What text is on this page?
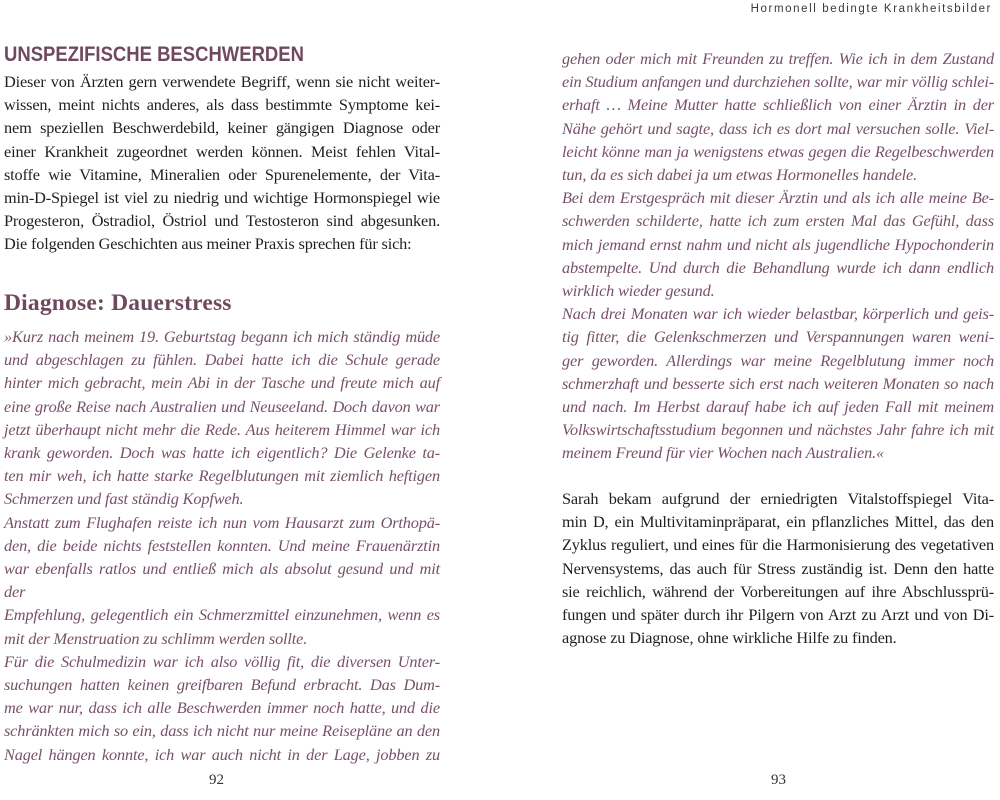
Hormonell bedingte Krankheitsbilder
UNSPEZIFISCHE BESCHWERDEN

Dieser von Ärzten gern verwendete Begriff, wenn sie nicht weiter-

wissen, meint nichts anderes, als dass bestimmte Symptome kei-

nem speziellen Beschwerdebild, keiner gängigen Diagnose oder

einer Krankheit zugeordnet werden können. Meist fehlen Vital-

stoffe wie Vitamine, Mineralien oder Spurenelemente, der Vita-

min-D-Spiegel ist viel zu niedrig und wichtige Hormonspiegel wie

Progesteron, Östradiol, Östriol und Testosteron sind abgesunken.

Die folgenden Geschichten aus meiner Praxis sprechen für sich:

Diagnose: Dauerstress

»Kurz nach meinem 19. Geburtstag begann ich mich ständig müde

und abgeschlagen zu fühlen. Dabei hatte ich die Schule gerade

hinter mich gebracht, mein Abi in der Tasche und freute mich auf

eine große Reise nach Australien und Neuseeland. Doch davon war

jetzt überhaupt nicht mehr die Rede. Aus heiterem Himmel war ich

krank geworden. Doch was hatte ich eigentlich? Die Gelenke ta-

ten mir weh, ich hatte starke Regelblutungen mit ziemlich heftigen

Schmerzen und fast ständig Kopfweh.

Anstatt zum Flughafen reiste ich nun vom Hausarzt zum Orthopä-

den, die beide nichts feststellen konnten. Und meine Frauenärztin

war ebenfalls ratlos und entließ mich als absolut gesund und mit der

Empfehlung, gelegentlich ein Schmerzmittel einzunehmen, wenn es

mit der Menstruation zu schlimm werden sollte.

Für die Schulmedizin war ich also völlig fit, die diversen Unter-

suchungen hatten keinen greifbaren Befund erbracht. Das Dum-

me war nur, dass ich alle Beschwerden immer noch hatte, und die

schränkten mich so ein, dass ich nicht nur meine Reisepläne an den

Nagel hängen konnte, ich war auch nicht in der Lage, jobben zu

92

gehen oder mich mit Freunden zu treffen. Wie ich in dem Zustand

ein Studium anfangen und durchziehen sollte, war mir völlig schlei-

erhaft … Meine Mutter hatte schließlich von einer Ärztin in der

Nähe gehört und sagte, dass ich es dort mal versuchen solle. Viel-

leicht könne man ja wenigstens etwas gegen die Regelbeschwerden

tun, da es sich dabei ja um etwas Hormonelles handele.

Bei dem Erstgespräch mit dieser Ärztin und als ich alle meine Be-

schwerden schilderte, hatte ich zum ersten Mal das Gefühl, dass

mich jemand ernst nahm und nicht als jugendliche Hypochonderin

abstempelte. Und durch die Behandlung wurde ich dann endlich

wirklich wieder gesund.

Nach drei Monaten war ich wieder belastbar, körperlich und geis-

tig fitter, die Gelenkschmerzen und Verspannungen waren weni-

ger geworden. Allerdings war meine Regelblutung immer noch

schmerzhaft und besserte sich erst nach weiteren Monaten so nach

und nach. Im Herbst darauf habe ich auf jeden Fall mit meinem

Volkswirtschaftsstudium begonnen und nächstes Jahr fahre ich mit

meinem Freund für vier Wochen nach Australien.«

Sarah bekam aufgrund der erniedrigten Vitalstoffspiegel Vita-

min D, ein Multivitaminpräparat, ein pflanzliches Mittel, das den

Zyklus reguliert, und eines für die Harmonisierung des vegetativen

Nervensystems, das auch für Stress zuständig ist. Denn den hatte

sie reichlich, während der Vorbereitungen auf ihre Abschlussprü-

fungen und später durch ihr Pilgern von Arzt zu Arzt und von Di-

agnose zu Diagnose, ohne wirkliche Hilfe zu finden.

93
